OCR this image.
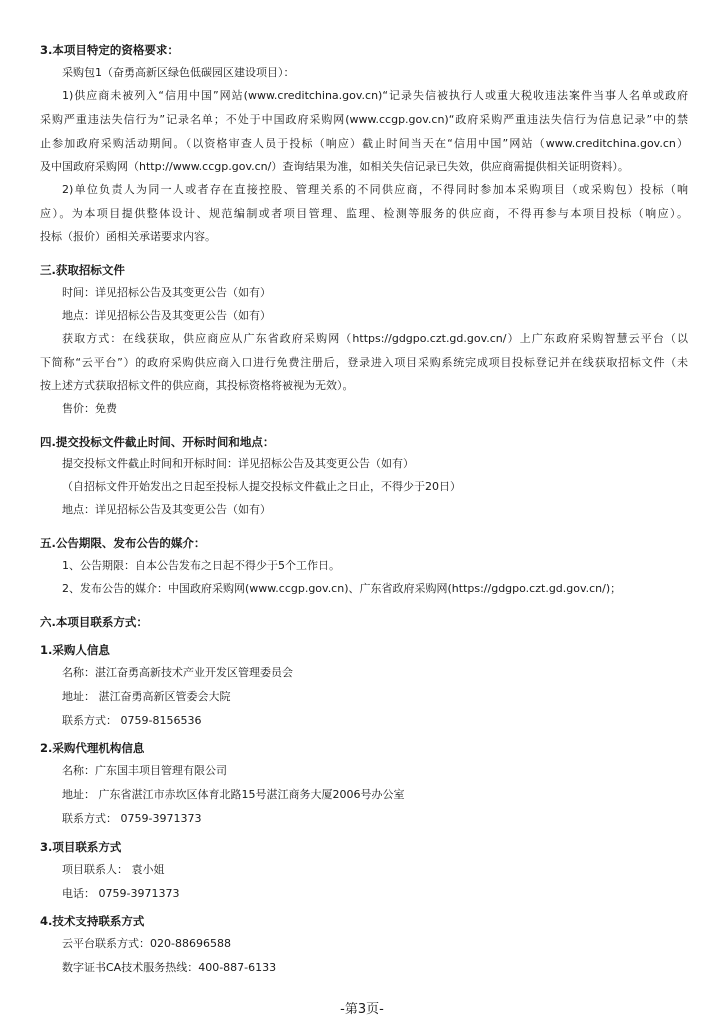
3.本项目特定的资格要求：
采购包1（奋勇高新区绿色低碳园区建设项目）：
1)供应商未被列入“信用中国”网站(www.creditchina.gov.cn)“记录失信被执行人或重大税收违法案件当事人名单或政府
采购严重违法失信行为”记录名单；不处于中国政府采购网(www.ccgp.gov.cn)“政府采购严重违法失信行为信息记录”中的禁
止参加政府采购活动期间。（以资格审查人员于投标（响应）截止时间当天在“信用中国”网站（www.creditchina.gov.cn）
及中国政府采购网（http://www.ccgp.gov.cn/）查询结果为准，如相关失信记录已失效，供应商需提供相关证明资料）。
2)单位负责人为同一人或者存在直接控股、管理关系的不同供应商，不得同时参加本采购项目（或采购包）投标（响
应）。为本项目提供整体设计、规范编制或者项目管理、监理、检测等服务的供应商，不得再参与本项目投标（响应）。
投标（报价）函相关承诺要求内容。
三.获取招标文件
时间：详见招标公告及其变更公告（如有）
地点：详见招标公告及其变更公告（如有）
获取方式：在线获取，供应商应从广东省政府采购网（https://gdgpo.czt.gd.gov.cn/）上广东政府采购智慧云平台（以
下简称“云平台”）的政府采购供应商入口进行免费注册后，登录进入项目采购系统完成项目投标登记并在线获取招标文件（未
按上述方式获取招标文件的供应商，其投标资格将被视为无效）。
售价：免费
四.提交投标文件截止时间、开标时间和地点：
提交投标文件截止时间和开标时间：详见招标公告及其变更公告（如有）
（自招标文件开始发出之日起至投标人提交投标文件截止之日止，不得少于20日）
地点：详见招标公告及其变更公告（如有）
五.公告期限、发布公告的媒介：
1、公告期限：自本公告发布之日起不得少于5个工作日。
2、发布公告的媒介：中国政府采购网(www.ccgp.gov.cn)、广东省政府采购网(https://gdgpo.czt.gd.gov.cn/)；
六.本项目联系方式：
1.采购人信息
名称：湛江奋勇高新技术产业开发区管理委员会
地址： 湛江奋勇高新区管委会大院
联系方式： 0759-8156536
2.采购代理机构信息
名称：广东国丰项目管理有限公司
地址： 广东省湛江市赤坎区体育北路15号湛江商务大厦2006号办公室
联系方式： 0759-3971373
3.项目联系方式
项目联系人： 袁小姐
电话： 0759-3971373
4.技术支持联系方式
云平台联系方式：020-88696588
数字证书CA技术服务热线：400-887-6133
-第3页-
